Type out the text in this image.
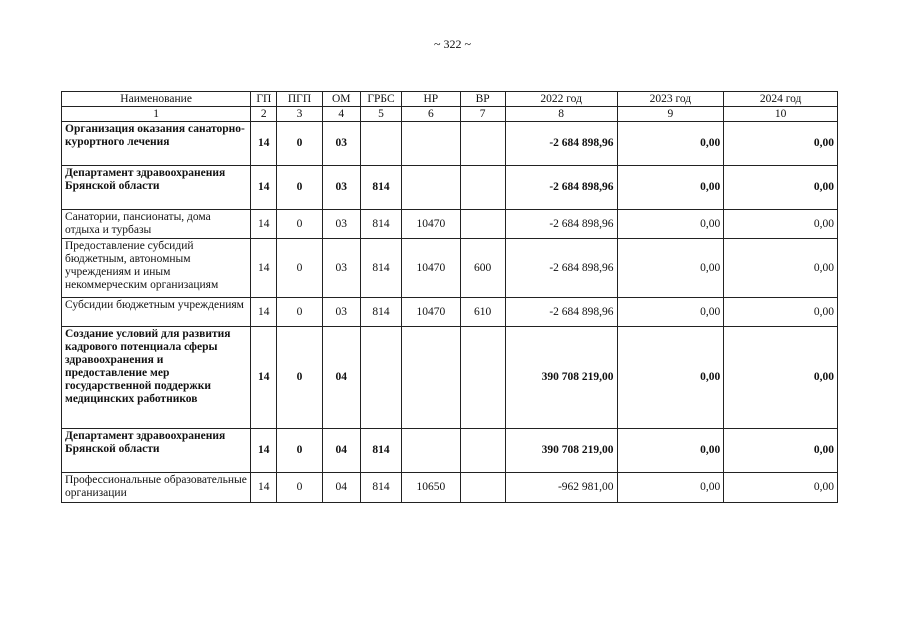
~ 322 ~
Наименование	ГП	ПГП	ОМ	ГРБС	НР	ВР	2022 год	2023 год	2024 год
1	2	3	4	5	6	7	8	9	10
Организация оказания санаторно-курортного лечения	14	0	03				-2 684 898,96	0,00	0,00
Департамент здравоохранения Брянской области	14	0	03	814			-2 684 898,96	0,00	0,00
Санатории, пансионаты, дома отдыха и турбазы	14	0	03	814	10470		-2 684 898,96	0,00	0,00
Предоставление субсидий бюджетным, автономным учреждениям и иным некоммерческим организациям	14	0	03	814	10470	600	-2 684 898,96	0,00	0,00
Субсидии бюджетным учреждениям	14	0	03	814	10470	610	-2 684 898,96	0,00	0,00
Создание условий для развития кадрового потенциала сферы здравоохранения и предоставление мер государственной поддержки медицинских работников	14	0	04				390 708 219,00	0,00	0,00
Департамент здравоохранения Брянской области	14	0	04	814			390 708 219,00	0,00	0,00
Профессиональные образовательные организации	14	0	04	814	10650		-962 981,00	0,00	0,00
